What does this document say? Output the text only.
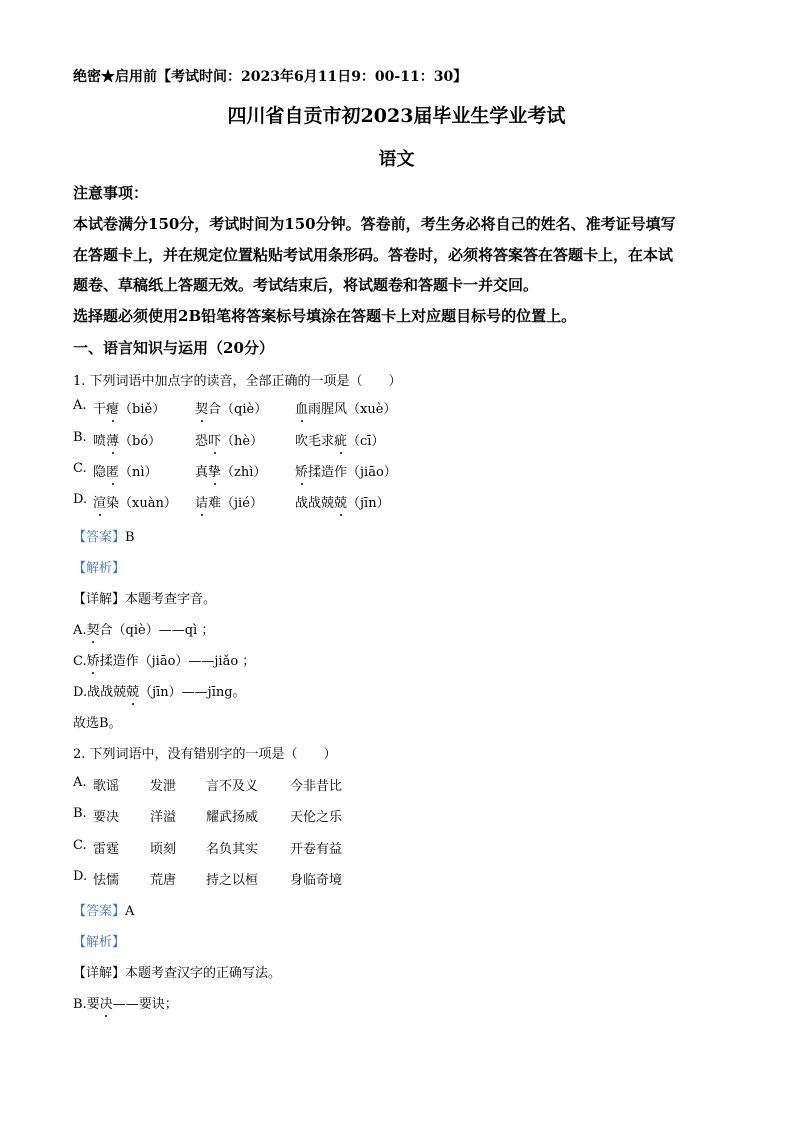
绝密★启用前【考试时间：2023年6月11日9：00-11：30】
四川省自贡市初2023届毕业生学业考试
语文
注意事项：
本试卷满分150分，考试时间为150分钟。答卷前，考生务必将自己的姓名、准考证号填写
在答题卡上，并在规定位置粘贴考试用条形码。答卷时，必须将答案答在答题卡上，在本试
题卷、草稿纸上答题无效。考试结束后，将试题卷和答题卡一并交回。
选择题必须使用2B铅笔将答案标号填涂在答题卡上对应题目标号的位置上。
一、语言知识与运用（20分）
1. 下列词语中加点字的读音，全部正确的一项是（　　）
A. 干瘪（biě） 契合（qiè） 血雨腥风（xuè）
B. 喷薄（bó）	恐吓（hè） 吹毛求疵（cī）
C. 隐匿（nì）	真挚（zhì） 矫揉造作（jiāo）
D. 渲染（xuàn） 诘难（jié） 战战兢兢（jīn）
【答案】B
【解析】
【详解】本题考查字音。
A.契合（qiè）——qì ；
C.矫揉造作（jiāo）——jiǎo ；
D.战战兢兢（jīn）——jīng。
故选B。
2. 下列词语中，没有错别字的一项是（　　）
A. 歌谣 发泄 言不及义 今非昔比
B. 要决 洋溢 耀武扬威 天伦之乐
C. 雷霆 顷刻 名负其实 开卷有益
D. 怯懦 荒唐 持之以桓 身临奇境
【答案】A
【解析】
【详解】本题考查汉字的正确写法。
B.要决——要诀；
